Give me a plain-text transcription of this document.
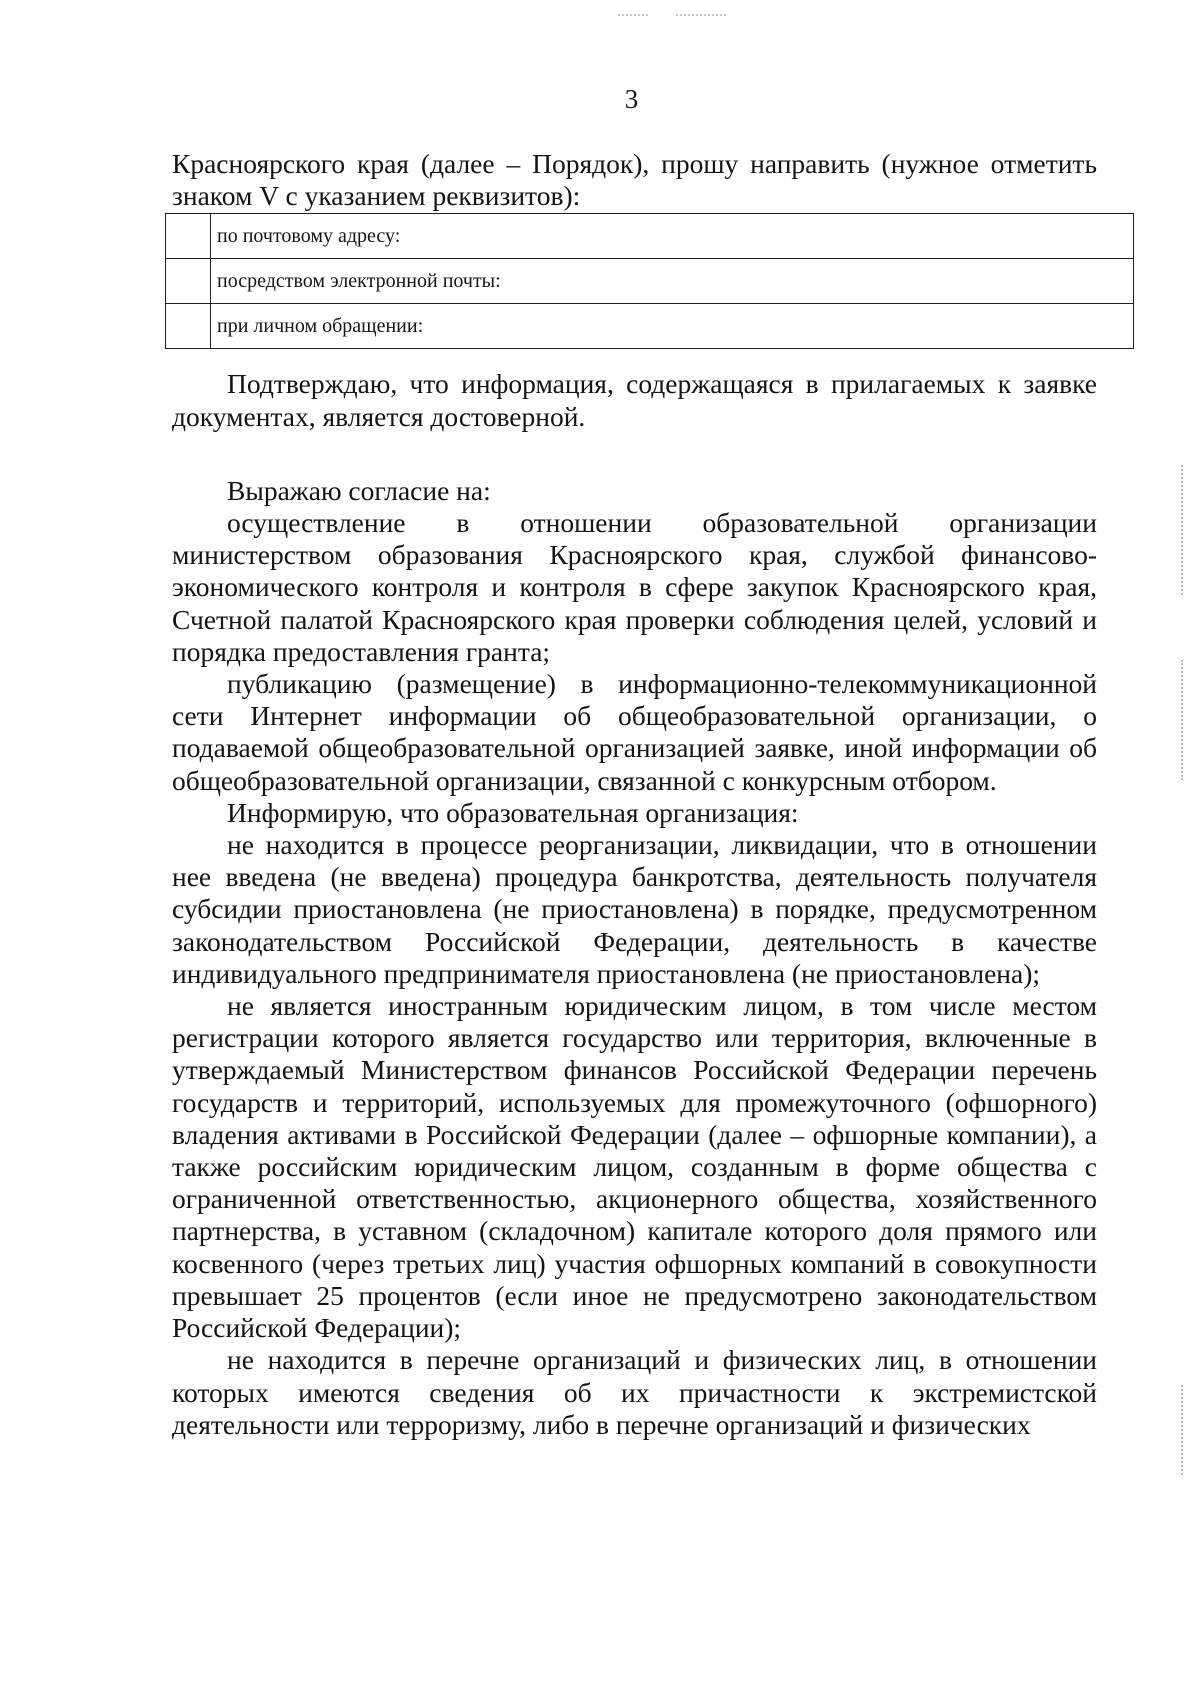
3

Красноярского края (далее – Порядок), прошу направить (нужное отметить
знаком V с указанием реквизитов):

Подтверждаю, что информация, содержащаяся в прилагаемых к заявке документах, является достоверной.

Выражаю согласие на:

осуществление в отношении образовательной организации министерством образования Красноярского края, службой финансово-экономического контроля и контроля в сфере закупок Красноярского края, Счетной палатой Красноярского края проверки соблюдения целей, условий и порядка предоставления гранта;

публикацию (размещение) в информационно-телекоммуникационной сети Интернет информации об общеобразовательной организации, о подаваемой общеобразовательной организацией заявке, иной информации об общеобразовательной организации, связанной с конкурсным отбором.

Информирую, что образовательная организация:

не находится в процессе реорганизации, ликвидации, что в отношении нее введена (не введена) процедура банкротства, деятельность получателя субсидии приостановлена (не приостановлена) в порядке, предусмотренном законодательством Российской Федерации, деятельность в качестве индивидуального предпринимателя приостановлена (не приостановлена);

не является иностранным юридическим лицом, в том числе местом регистрации которого является государство или территория, включенные в утверждаемый Министерством финансов Российской Федерации перечень государств и территорий, используемых для промежуточного (офшорного) владения активами в Российской Федерации (далее – офшорные компании), а также российским юридическим лицом, созданным в форме общества с ограниченной ответственностью, акционерного общества, хозяйственного партнерства, в уставном (складочном) капитале которого доля прямого или косвенного (через третьих лиц) участия офшорных компаний в совокупности превышает 25 процентов (если иное не предусмотрено законодательством Российской Федерации);

не находится в перечне организаций и физических лиц, в отношении которых имеются сведения об их причастности к экстремистской деятельности или терроризму, либо в перечне организаций и физических

	по почтовому адресу:
	посредством электронной почты:
	при личном обращении:
